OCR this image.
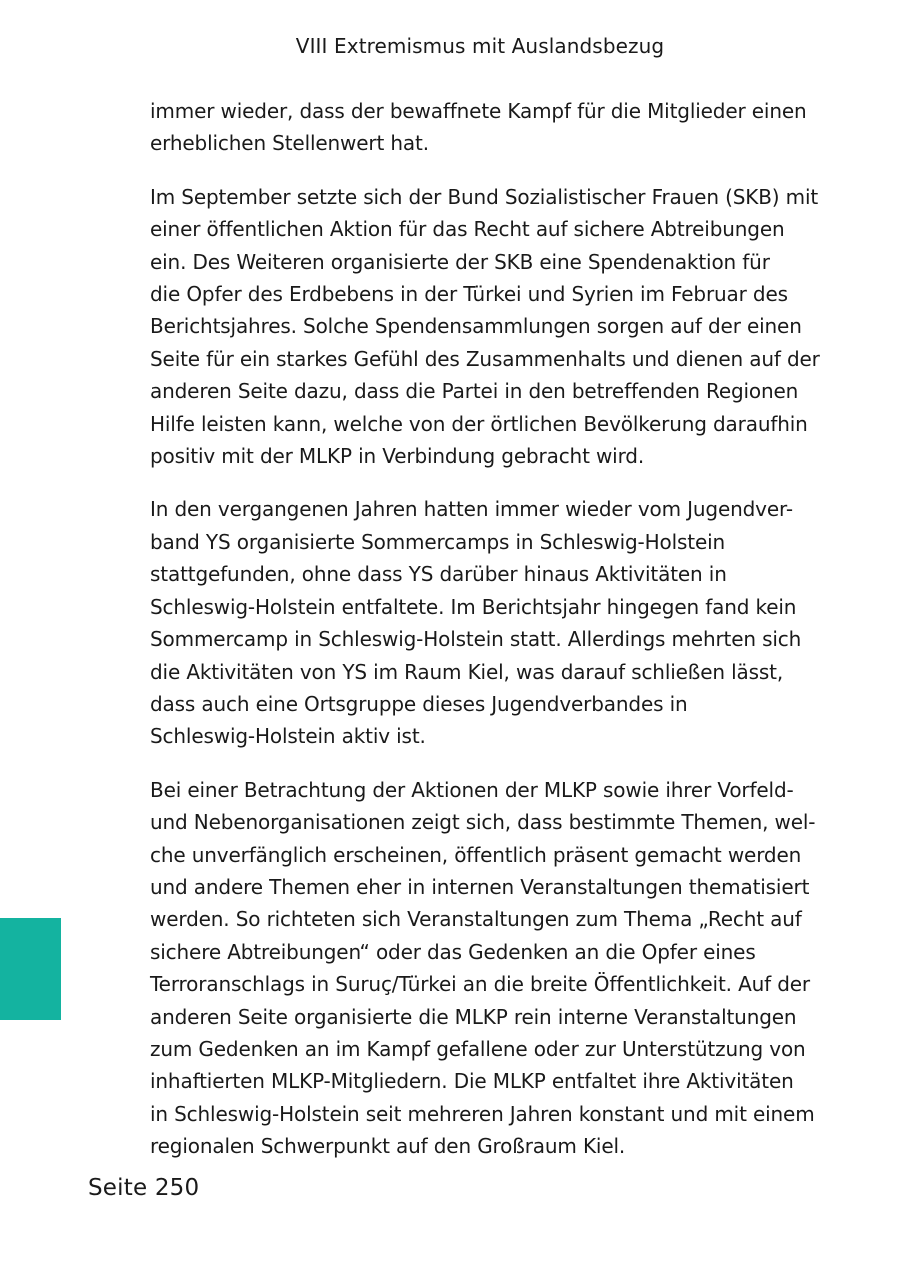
VIII Extremismus mit Auslandsbezug

immer wieder, dass der bewaffnete Kampf für die Mitglieder einen
erheblichen Stellenwert hat.

Im September setzte sich der Bund Sozialistischer Frauen (SKB) mit
einer öffentlichen Aktion für das Recht auf sichere Abtreibungen
ein. Des Weiteren organisierte der SKB eine Spendenaktion für
die Opfer des Erdbebens in der Türkei und Syrien im Februar des
Berichtsjahres. Solche Spendensammlungen sorgen auf der einen
Seite für ein starkes Gefühl des Zusammenhalts und dienen auf der
anderen Seite dazu, dass die Partei in den betreffenden Regionen
Hilfe leisten kann, welche von der örtlichen Bevölkerung daraufhin
positiv mit der MLKP in Verbindung gebracht wird.

In den vergangenen Jahren hatten immer wieder vom Jugendver-
band YS organisierte Sommercamps in Schleswig-Holstein
stattgefunden, ohne dass YS darüber hinaus Aktivitäten in
Schleswig-Holstein entfaltete. Im Berichtsjahr hingegen fand kein
Sommercamp in Schleswig-Holstein statt. Allerdings mehrten sich
die Aktivitäten von YS im Raum Kiel, was darauf schließen lässt,
dass auch eine Ortsgruppe dieses Jugendverbandes in
Schleswig-Holstein aktiv ist.

Bei einer Betrachtung der Aktionen der MLKP sowie ihrer Vorfeld-
und Nebenorganisationen zeigt sich, dass bestimmte Themen, wel-
che unverfänglich erscheinen, öffentlich präsent gemacht werden
und andere Themen eher in internen Veranstaltungen thematisiert
werden. So richteten sich Veranstaltungen zum Thema „Recht auf
sichere Abtreibungen“ oder das Gedenken an die Opfer eines
Terroranschlags in Suruç/Türkei an die breite Öffentlichkeit. Auf der
anderen Seite organisierte die MLKP rein interne Veranstaltungen
zum Gedenken an im Kampf gefallene oder zur Unterstützung von
inhaftierten MLKP-Mitgliedern. Die MLKP entfaltet ihre Aktivitäten
in Schleswig-Holstein seit mehreren Jahren konstant und mit einem
regionalen Schwerpunkt auf den Großraum Kiel.

Seite 250
